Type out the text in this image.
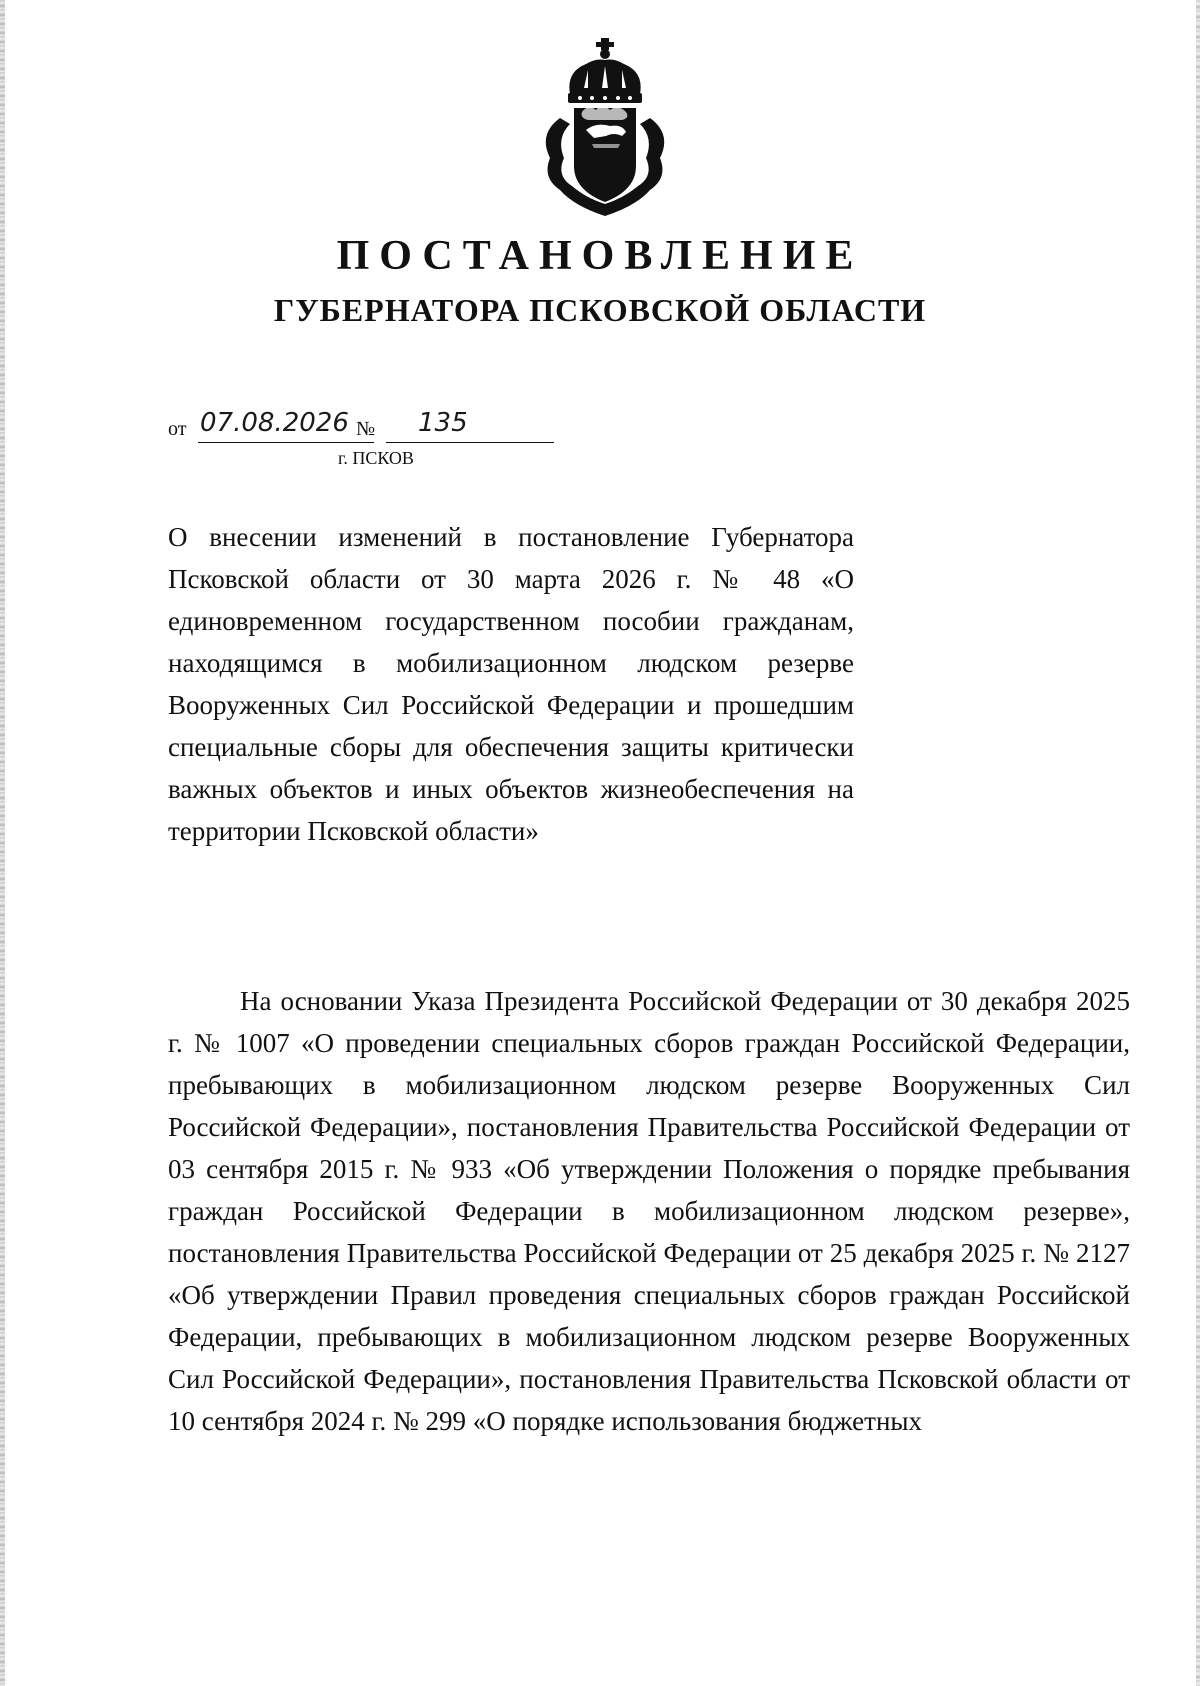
ПОСТАНОВЛЕНИЕ
ГУБЕРНАТОРА ПСКОВСКОЙ ОБЛАСТИ
от 07.08.2026 № 135
г. ПСКОВ

О внесении изменений в постановление Губернатора Псковской области от 30 марта 2026 г. № 48 «О единовременном государственном пособии гражданам, находящимся в мобилизационном людском резерве Вооруженных Сил Российской Федерации и прошедшим специальные сборы для обеспечения защиты критически важных объектов и иных объектов жизнеобеспечения на территории Псковской области»

На основании Указа Президента Российской Федерации от 30 декабря 2025 г. № 1007 «О проведении специальных сборов граждан Российской Федерации, пребывающих в мобилизационном людском резерве Вооруженных Сил Российской Федерации», постановления Правительства Российской Федерации от 03 сентября 2015 г. № 933 «Об утверждении Положения о порядке пребывания граждан Российской Федерации в мобилизационном людском резерве», постановления Правительства Российской Федерации от 25 декабря 2025 г. № 2127 «Об утверждении Правил проведения специальных сборов граждан Российской Федерации, пребывающих в мобилизационном людском резерве Вооруженных Сил Российской Федерации», постановления Правительства Псковской области от 10 сентября 2024 г. № 299 «О порядке использования бюджетных
